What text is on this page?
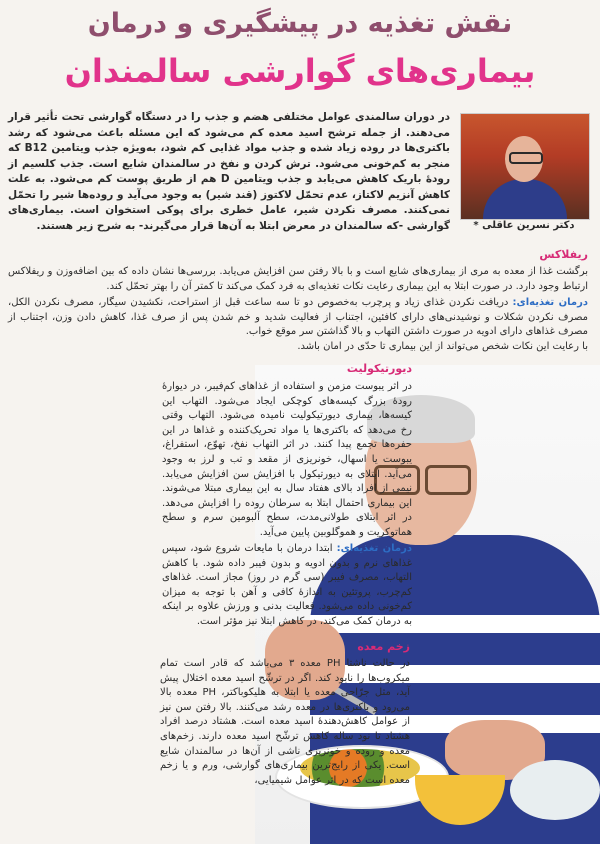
نقش تغذیه در پیشگیری و درمان
بیماری‌های گوارشی سالمندان
دکتر نسرین عاقلی *
در دوران سالمندی عوامل مختلفی هضم و جذب را در دستگاه گوارشی تحت تأثیر قرار می‌دهند. از جمله ترشح اسید معده کم می‌شود که این مسئله باعث می‌شود که رشد باکتری‌ها در روده زیاد شده و جذب مواد غذایی کم شود، به‌ویژه جذب ویتامین B12 که منجر به کم‌خونی می‌شود. ترش کردن و نفخ در سالمندان شایع است. جذب کلسیم از رودهٔ باریک کاهش می‌یابد و جذب ویتامین D هم از طریق پوست کم می‌شود. به علت کاهش آنزیم لاکتاز، عدم تحمّل لاکتوز (قند شیر) به وجود می‌آید و روده‌ها شیر را تحمّل نمی‌کنند. مصرف نکردن شیر، عامل خطری برای پوکی استخوان است. بیماری‌های گوارشی -که سالمندان در معرض ابتلا به آن‌ها قرار می‌گیرند- به شرح زیر هستند.
ریفلاکس
برگشت غذا از معده به مری از بیماری‌های شایع است و با بالا رفتن سن افزایش می‌یابد. بررسی‌ها نشان داده که بین اضافه‌وزن و ریفلاکس ارتباط وجود دارد. در صورت ابتلا به این بیماری رعایت نکات تغذیه‌ای به فرد کمک می‌کند تا کمتر آن را بهتر تحمّل کند.
درمان تغذیه‌ای: دریافت نکردن غذای زیاد و پرچرب به‌خصوص دو تا سه ساعت قبل از استراحت، نکشیدن سیگار، مصرف نکردن الکل، مصرف نکردن شکلات و نوشیدنی‌های دارای کافئین، اجتناب از فعالیت شدید و خم شدن پس از صرف غذا، کاهش دادن وزن، اجتناب از مصرف غذاهای دارای ادویه در صورت داشتن التهاب و بالا گذاشتن سر موقع خواب.
با رعایت این نکات شخص می‌تواند از این بیماری تا حدّی در امان باشد.
دیورتیکولیت
در اثر یبوست مزمن و استفاده از غذاهای کم‌فیبر، در دیوارهٔ رودهٔ بزرگ کیسه‌های کوچکی ایجاد می‌شود. التهاب این کیسه‌ها، بیماری دیورتیکولیت نامیده می‌شود. التهاب وقتی رخ می‌دهد که باکتری‌ها یا مواد تحریک‌کننده و غذاها در این حفره‌ها تجمع پیدا کنند. در اثر التهاب نفخ، تهوّع، استفراغ، یبوست یا اسهال، خونریزی از مقعد و تب و لرز به وجود می‌آید. ابتلای به دیورتیکول با افزایش سن افزایش می‌یابد. نیمی از افراد بالای هفتاد سال به این بیماری مبتلا می‌شوند. این بیماری احتمال ابتلا به سرطان روده را افزایش می‌دهد. در اثر ابتلای طولانی‌مدت، سطح آلبومین سرم و سطح هماتوکریت و هموگلوبین پایین می‌آید.
درمان تغذیه‌ای: ابتدا درمان با مایعات شروع شود، سپس غذاهای نرم و بدون ادویه و بدون فیبر داده شود. با کاهش التهاب، مصرف فیبر (سی گرم در روز) مجاز است. غذاهای کم‌چرب، پروتئین به اندازهٔ کافی و آهن با توجه به میزان کم‌خونی داده می‌شود. فعالیت بدنی و ورزش علاوه بر اینکه به درمان کمک می‌کند، در کاهش ابتلا نیز مؤثر است.
زخم معده
در حالت ناشتا PH معده ۳ می‌باشد که قادر است تمام میکروب‌ها را نابود کند. اگر در ترشّح اسید معده اختلال پیش آید، مثل جرّاحی معده یا ابتلا به هلیکوباکتر، PH معده بالا می‌رود و باکتری‌ها در معده رشد می‌کنند. بالا رفتن سن نیز از عوامل کاهش‌دهندهٔ اسید معده است. هشتاد درصد افراد هشتاد تا نود ساله کاهش ترشّح اسید معده دارند. زخم‌های معده و روده و خونریزی ناشی از آن‌ها در سالمندان شایع است. یکی از رایج‌ترین بیماری‌های گوارشی، ورم و یا زخم معده است که در اثر عوامل شیمیایی،
